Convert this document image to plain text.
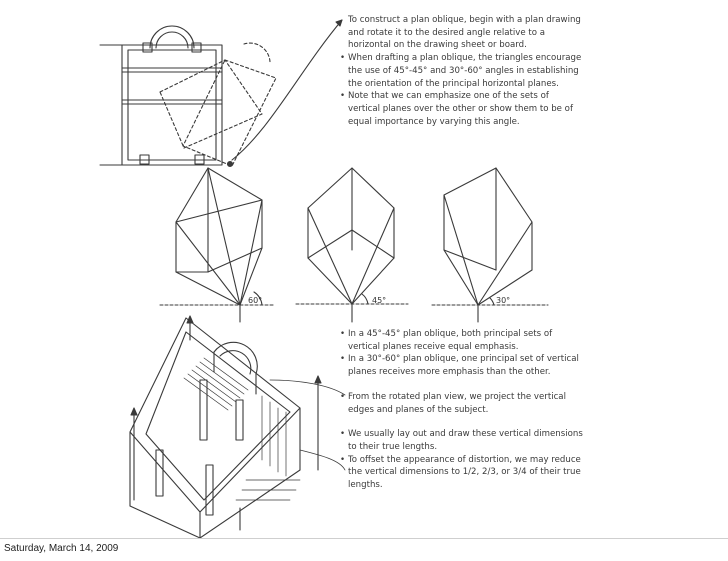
To construct a plan oblique, begin with a plan drawing and rotate it to the desired angle relative to a horizontal on the drawing sheet or board.

• When drafting a plan oblique, the triangles encourage the use of 45°-45° and 30°-60° angles in establishing the orientation of the principal horizontal planes.

• Note that we can emphasize one of the sets of vertical planes over the other or show them to be of equal importance by varying this angle.

60°	45°	30°

• In a 45°-45° plan oblique, both principal sets of vertical planes receive equal emphasis.

• In a 30°-60° plan oblique, one principal set of vertical planes receives more emphasis than the other.

• From the rotated plan view, we project the vertical edges and planes of the subject.

• We usually lay out and draw these vertical dimensions to their true lengths.

• To offset the appearance of distortion, we may reduce the vertical dimensions to 1/2, 2/3, or 3/4 of their true lengths.

Saturday, March 14, 2009
